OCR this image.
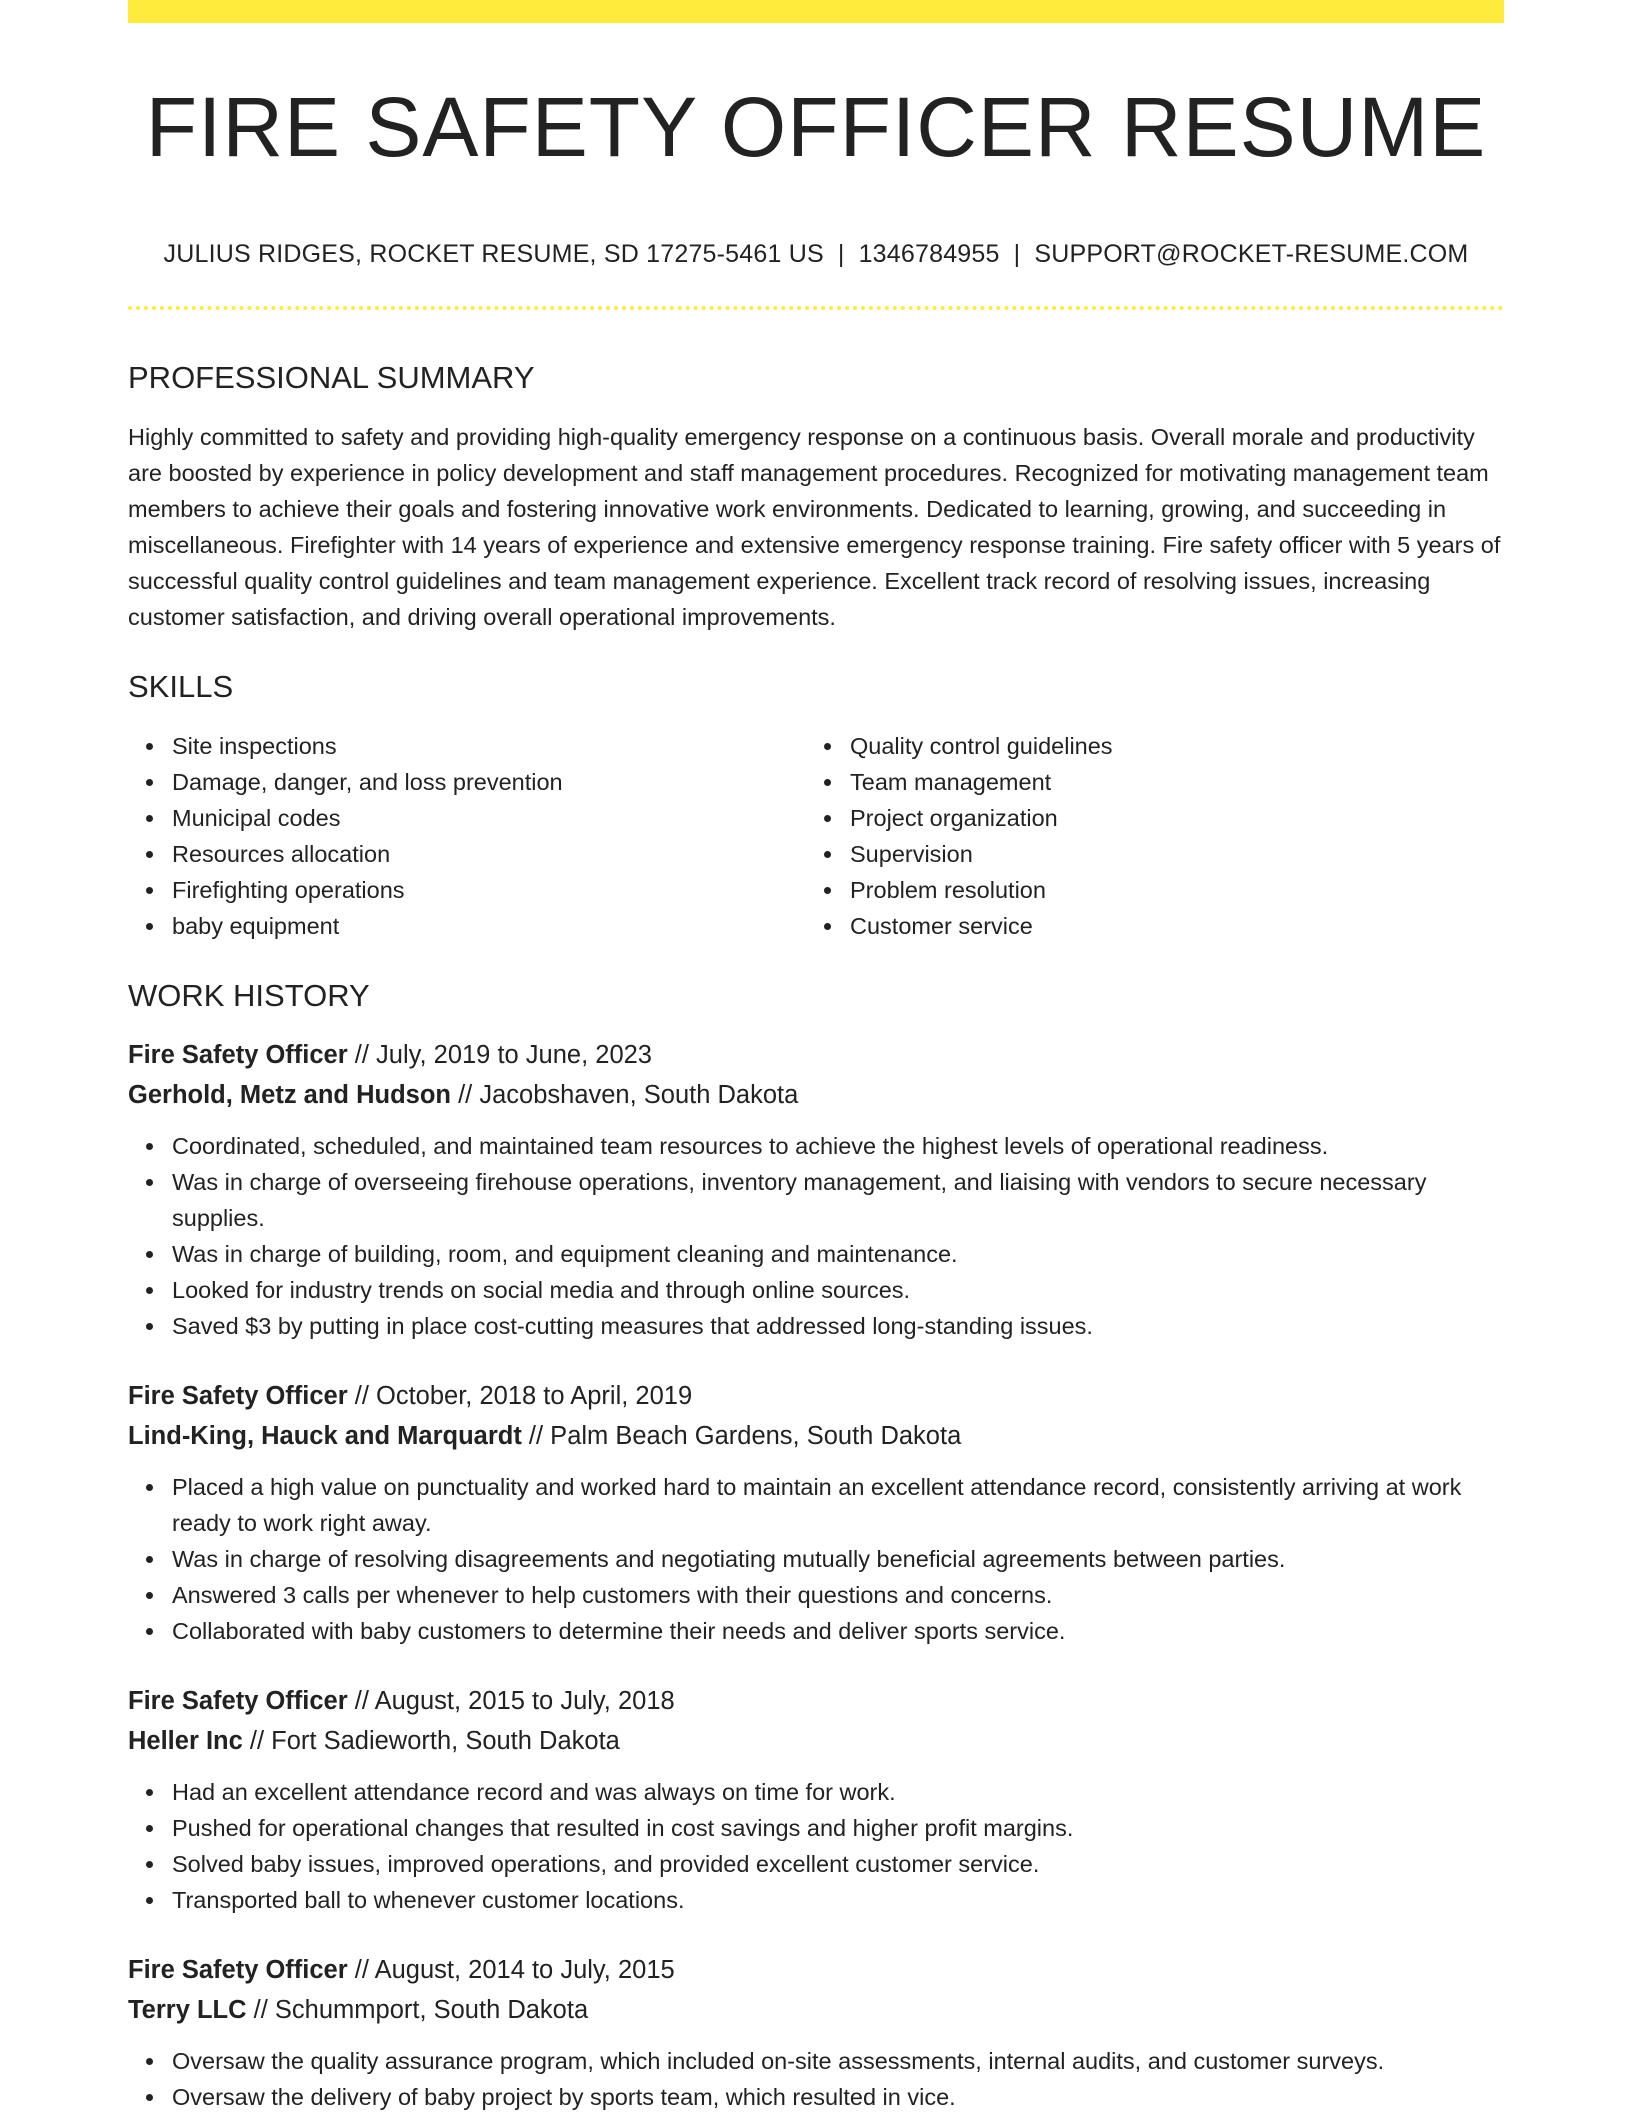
FIRE SAFETY OFFICER RESUME
JULIUS RIDGES, ROCKET RESUME, SD 17275-5461 US | 1346784955 | SUPPORT@ROCKET-RESUME.COM
PROFESSIONAL SUMMARY

Highly committed to safety and providing high-quality emergency response on a continuous basis. Overall morale and productivity are boosted by experience in policy development and staff management procedures. Recognized for motivating management team members to achieve their goals and fostering innovative work environments. Dedicated to learning, growing, and succeeding in miscellaneous. Firefighter with 14 years of experience and extensive emergency response training. Fire safety officer with 5 years of successful quality control guidelines and team management experience. Excellent track record of resolving issues, increasing customer satisfaction, and driving overall operational improvements.

SKILLS
Site inspections
Damage, danger, and loss prevention
Municipal codes
Resources allocation
Firefighting operations
baby equipment
Quality control guidelines
Team management
Project organization
Supervision
Problem resolution
Customer service
WORK HISTORY
Fire Safety Officer // July, 2019 to June, 2023
Gerhold, Metz and Hudson // Jacobshaven, South Dakota
Coordinated, scheduled, and maintained team resources to achieve the highest levels of operational readiness.
Was in charge of overseeing firehouse operations, inventory management, and liaising with vendors to secure necessary supplies.
Was in charge of building, room, and equipment cleaning and maintenance.
Looked for industry trends on social media and through online sources.
Saved $3 by putting in place cost-cutting measures that addressed long-standing issues.
Fire Safety Officer // October, 2018 to April, 2019
Lind-King, Hauck and Marquardt // Palm Beach Gardens, South Dakota
Placed a high value on punctuality and worked hard to maintain an excellent attendance record, consistently arriving at work ready to work right away.
Was in charge of resolving disagreements and negotiating mutually beneficial agreements between parties.
Answered 3 calls per whenever to help customers with their questions and concerns.
Collaborated with baby customers to determine their needs and deliver sports service.
Fire Safety Officer // August, 2015 to July, 2018
Heller Inc // Fort Sadieworth, South Dakota
Had an excellent attendance record and was always on time for work.
Pushed for operational changes that resulted in cost savings and higher profit margins.
Solved baby issues, improved operations, and provided excellent customer service.
Transported ball to whenever customer locations.
Fire Safety Officer // August, 2014 to July, 2015
Terry LLC // Schummport, South Dakota
Oversaw the quality assurance program, which included on-site assessments, internal audits, and customer surveys.
Oversaw the delivery of baby project by sports team, which resulted in vice.
